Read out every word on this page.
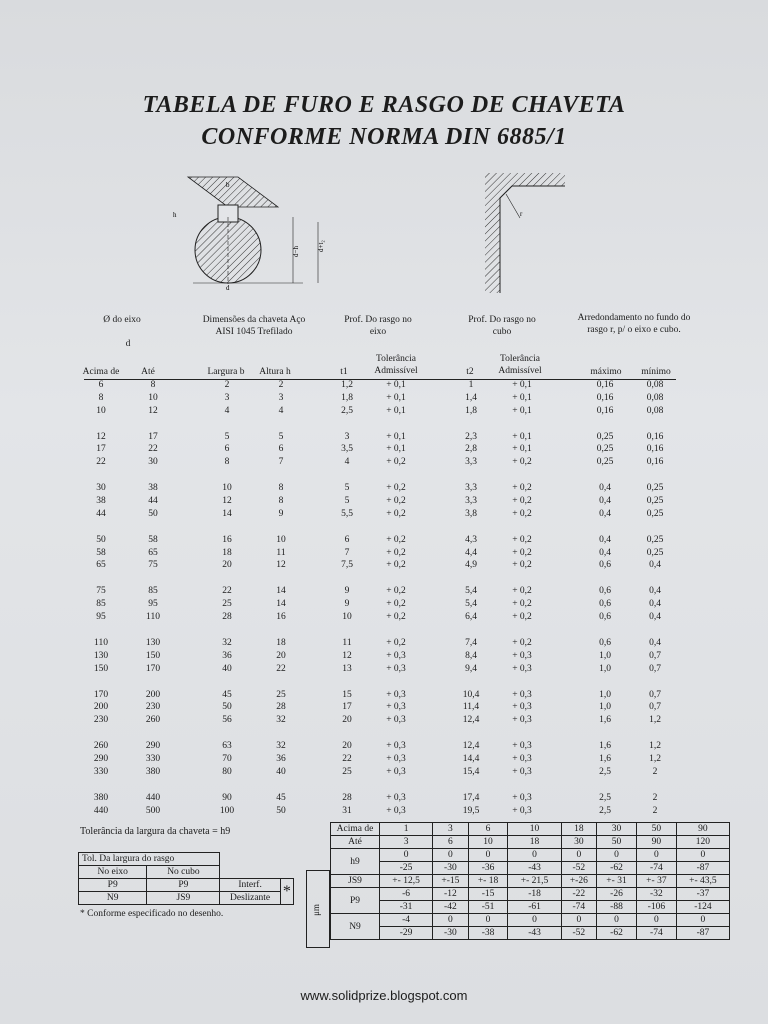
TABELA DE FURO E RASGO DE CHAVETA
CONFORME NORMA DIN 6885/1
d+t₂
d−h
d
h
b
r
Ø do eixo
d
Dimensões da chaveta Aço AISI 1045 Trefilado
Prof. Do rasgo no eixo
Prof. Do rasgo no cubo
Arredondamento no fundo do rasgo r, p/ o eixo e cubo.
Tolerância Admissível
Tolerância Admissível
Acima de	Até	Largura b	Altura h	t1	t2	máximo	mínimo
6	8	2	2	1,2	+ 0,1	1	+ 0,1	0,16	0,08
8	10	3	3	1,8	+ 0,1	1,4	+ 0,1	0,16	0,08
10	12	4	4	2,5	+ 0,1	1,8	+ 0,1	0,16	0,08
12	17	5	5	3	+ 0,1	2,3	+ 0,1	0,25	0,16
17	22	6	6	3,5	+ 0,1	2,8	+ 0,1	0,25	0,16
22	30	8	7	4	+ 0,2	3,3	+ 0,2	0,25	0,16
30	38	10	8	5	+ 0,2	3,3	+ 0,2	0,4	0,25
38	44	12	8	5	+ 0,2	3,3	+ 0,2	0,4	0,25
44	50	14	9	5,5	+ 0,2	3,8	+ 0,2	0,4	0,25
50	58	16	10	6	+ 0,2	4,3	+ 0,2	0,4	0,25
58	65	18	11	7	+ 0,2	4,4	+ 0,2	0,4	0,25
65	75	20	12	7,5	+ 0,2	4,9	+ 0,2	0,6	0,4
75	85	22	14	9	+ 0,2	5,4	+ 0,2	0,6	0,4
85	95	25	14	9	+ 0,2	5,4	+ 0,2	0,6	0,4
95	110	28	16	10	+ 0,2	6,4	+ 0,2	0,6	0,4
110	130	32	18	11	+ 0,2	7,4	+ 0,2	0,6	0,4
130	150	36	20	12	+ 0,3	8,4	+ 0,3	1,0	0,7
150	170	40	22	13	+ 0,3	9,4	+ 0,3	1,0	0,7
170	200	45	25	15	+ 0,3	10,4	+ 0,3	1,0	0,7
200	230	50	28	17	+ 0,3	11,4	+ 0,3	1,0	0,7
230	260	56	32	20	+ 0,3	12,4	+ 0,3	1,6	1,2
260	290	63	32	20	+ 0,3	12,4	+ 0,3	1,6	1,2
290	330	70	36	22	+ 0,3	14,4	+ 0,3	1,6	1,2
330	380	80	40	25	+ 0,3	15,4	+ 0,3	2,5	2
380	440	90	45	28	+ 0,3	17,4	+ 0,3	2,5	2
440	500	100	50	31	+ 0,3	19,5	+ 0,3	2,5	2
Tolerância da largura da chaveta = h9
Tol. Da largura do rasgo			
No eixo	No cubo		
P9	P9	Interf.	*
N9	JS9	Deslizante	
* Conforme especificado no desenho.	μm
Acima de	1	3	6	10	18	30	50	90
Até	3	6	10	18	30	50	90	120
h9	0	0	0	0	0	0	0	0
	-25	-30	-36	-43	-52	-62	-74	-87
JS9	+- 12,5	+-15	+- 18	+- 21,5	+-26	+- 31	+- 37	+- 43,5
P9	-6	-12	-15	-18	-22	-26	-32	-37
	-31	-42	-51	-61	-74	-88	-106	-124
N9	-4	0	0	0	0	0	0	0
	-29	-30	-38	-43	-52	-62	-74	-87
www.solidprize.blogspot.com
